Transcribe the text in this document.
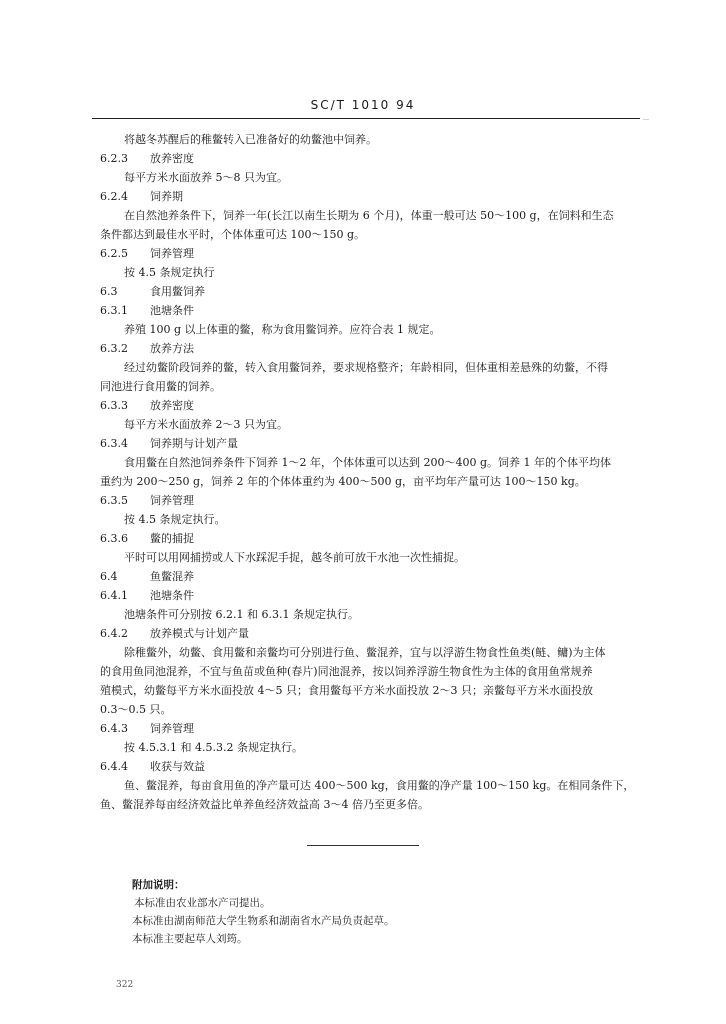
SC/T 1010 94
…

将越冬苏醒后的稚鳖转入已准备好的幼鳖池中饲养。

6.2.3 放养密度

每平方米水面放养 5～8 只为宜。

6.2.4 饲养期

在自然池养条件下，饲养一年(长江以南生长期为 6 个月)，体重一般可达 50～100 g，在饲料和生态

条件都达到最佳水平时，个体体重可达 100～150 g。

6.2.5 饲养管理

按 4.5 条规定执行

6.3	食用鳖饲养

6.3.1 池塘条件

养殖 100 g 以上体重的鳖，称为食用鳖饲养。应符合表 1 规定。

6.3.2 放养方法

经过幼鳖阶段饲养的鳖，转入食用鳖饲养，要求规格整齐；年龄相同，但体重相差悬殊的幼鳖，不得

同池进行食用鳖的饲养。

6.3.3 放养密度

每平方米水面放养 2～3 只为宜。

6.3.4 饲养期与计划产量

食用鳖在自然池饲养条件下饲养 1～2 年，个体体重可以达到 200～400 g。饲养 1 年的个体平均体

重约为 200～250 g，饲养 2 年的个体体重约为 400～500 g，亩平均年产量可达 100～150 kg。

6.3.5 饲养管理

按 4.5 条规定执行。

6.3.6 鳖的捕捉

平时可以用网捕捞或人下水踩泥手捉，越冬前可放干水池一次性捕捉。

6.4	鱼鳖混养

6.4.1 池塘条件

池塘条件可分别按 6.2.1 和 6.3.1 条规定执行。

6.4.2 放养模式与计划产量

除稚鳖外，幼鳖、食用鳖和亲鳖均可分别进行鱼、鳖混养，宜与以浮游生物食性鱼类(鲢、鳙)为主体

的食用鱼同池混养，不宜与鱼苗或鱼种(春片)同池混养，按以饲养浮游生物食性为主体的食用鱼常规养

殖模式，幼鳖每平方米水面投放 4～5 只；食用鳖每平方米水面投放 2～3 只；亲鳖每平方米水面投放

0.3～0.5 只。

6.4.3 饲养管理

按 4.5.3.1 和 4.5.3.2 条规定执行。

6.4.4 收获与效益

鱼、鳖混养，每亩食用鱼的净产量可达 400～500 kg，食用鳖的净产量 100～150 kg。在相同条件下，

鱼、鳖混养每亩经济效益比单养鱼经济效益高 3～4 倍乃至更多倍。

附加说明：

本标准由农业部水产司提出。

本标准由湖南师范大学生物系和湖南省水产局负责起草。

本标准主要起草人刘筠。

322
